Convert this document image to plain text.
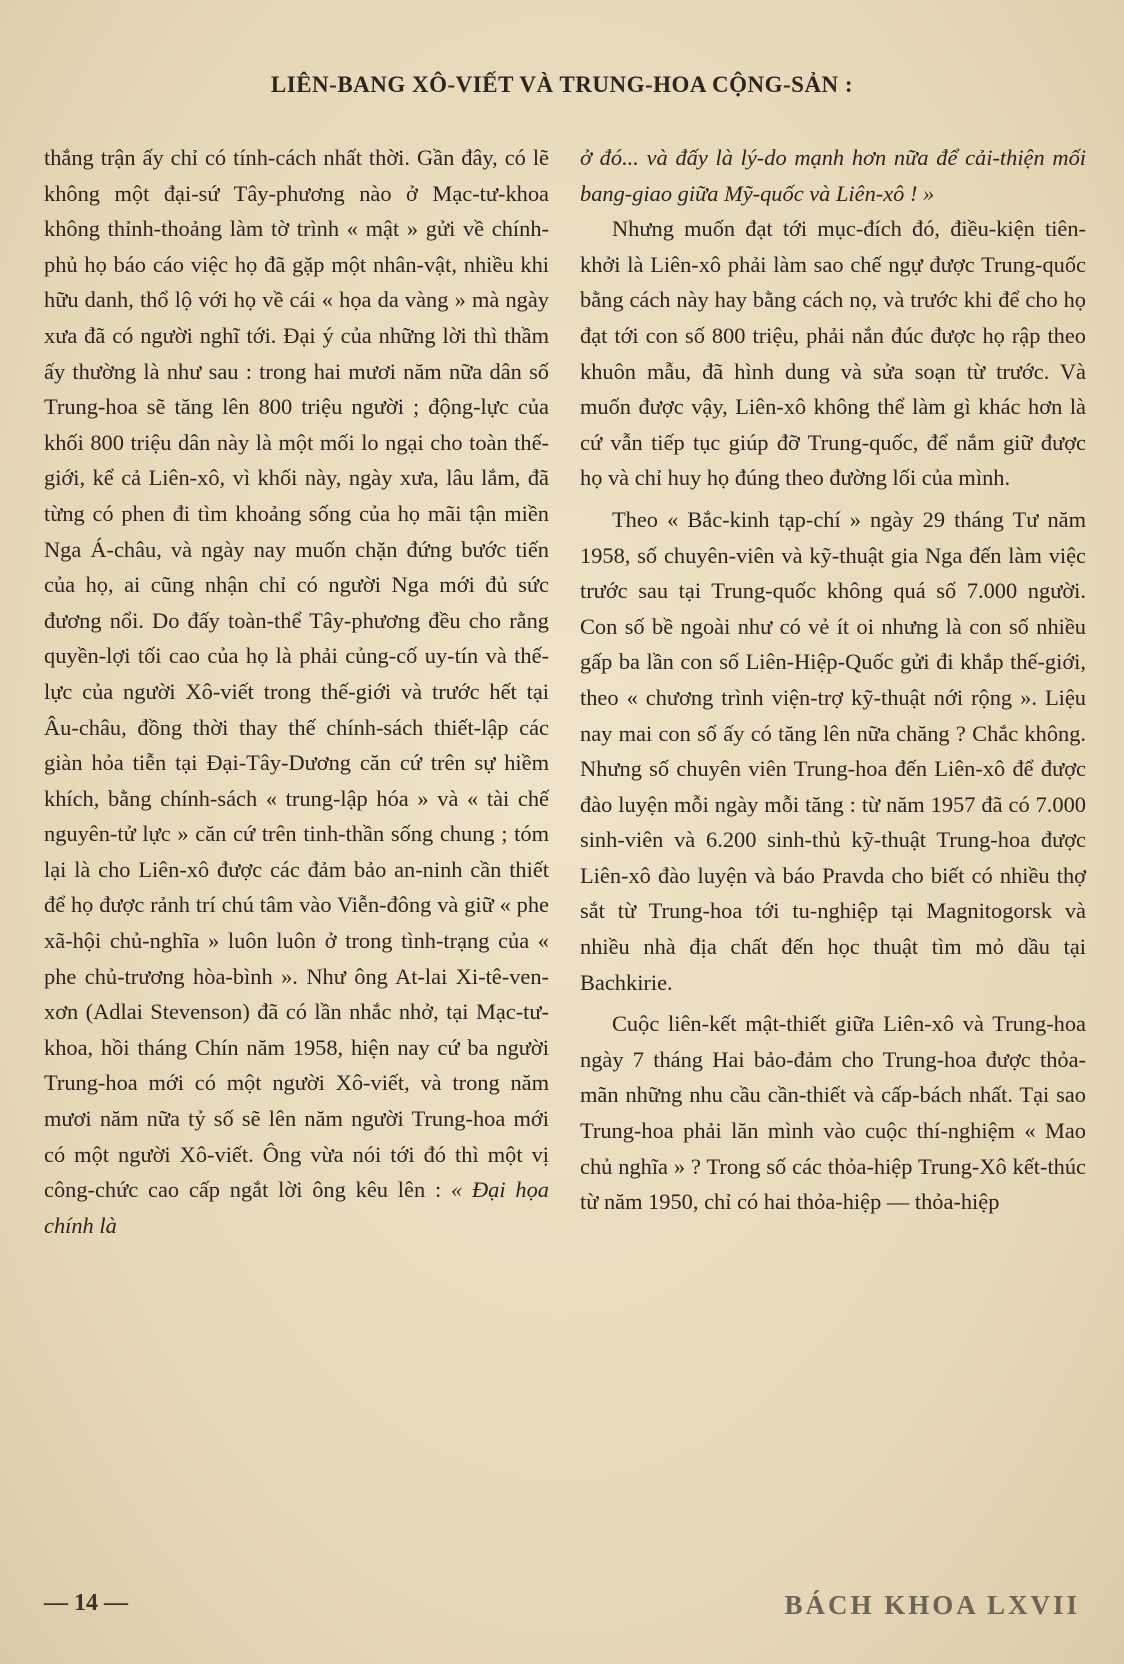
LIÊN-BANG XÔ-VIẾT VÀ TRUNG-HOA CỘNG-SẢN :

thắng trận ấy chỉ có tính-cách nhất thời. Gần đây, có lẽ không một đại-sứ Tây-phương nào ở Mạc-tư-khoa không thỉnh-thoảng làm tờ trình « mật » gửi về chính-phủ họ báo cáo việc họ đã gặp một nhân-vật, nhiều khi hữu danh, thổ lộ với họ về cái « họa da vàng » mà ngày xưa đã có người nghĩ tới. Đại ý của những lời thì thầm ấy thường là như sau : trong hai mươi năm nữa dân số Trung-hoa sẽ tăng lên 800 triệu người ; động-lực của khối 800 triệu dân này là một mối lo ngại cho toàn thế-giới, kể cả Liên-xô, vì khối này, ngày xưa, lâu lắm, đã từng có phen đi tìm khoảng sống của họ mãi tận miền Nga Á-châu, và ngày nay muốn chặn đứng bước tiến của họ, ai cũng nhận chỉ có người Nga mới đủ sức đương nổi. Do đấy toàn-thể Tây-phương đều cho rằng quyền-lợi tối cao của họ là phải củng-cố uy-tín và thế-lực của người Xô-viết trong thế-giới và trước hết tại Âu-châu, đồng thời thay thế chính-sách thiết-lập các giàn hỏa tiễn tại Đại-Tây-Dương căn cứ trên sự hiềm khích, bằng chính-sách « trung-lập hóa » và « tài chế nguyên-tử lực » căn cứ trên tinh-thần sống chung ; tóm lại là cho Liên-xô được các đảm bảo an-ninh cần thiết để họ được rảnh trí chú tâm vào Viễn-đông và giữ « phe xã-hội chủ-nghĩa » luôn luôn ở trong tình-trạng của « phe chủ-trương hòa-bình ». Như ông At-lai Xi-tê-ven-xơn (Adlai Stevenson) đã có lần nhắc nhở, tại Mạc-tư-khoa, hồi tháng Chín năm 1958, hiện nay cứ ba người Trung-hoa mới có một người Xô-viết, và trong năm mươi năm nữa tỷ số sẽ lên năm người Trung-hoa mới có một người Xô-viết. Ông vừa nói tới đó thì một vị công-chức cao cấp ngắt lời ông kêu lên : « Đại họa chính là

ở đó... và đấy là lý-do mạnh hơn nữa để cải-thiện mối bang-giao giữa Mỹ-quốc và Liên-xô ! »

Nhưng muốn đạt tới mục-đích đó, điều-kiện tiên-khởi là Liên-xô phải làm sao chế ngự được Trung-quốc bằng cách này hay bằng cách nọ, và trước khi để cho họ đạt tới con số 800 triệu, phải nắn đúc được họ rập theo khuôn mẫu, đã hình dung và sửa soạn từ trước. Và muốn được vậy, Liên-xô không thể làm gì khác hơn là cứ vẫn tiếp tục giúp đỡ Trung-quốc, để nắm giữ được họ và chỉ huy họ đúng theo đường lối của mình.

Theo « Bắc-kinh tạp-chí » ngày 29 tháng Tư năm 1958, số chuyên-viên và kỹ-thuật gia Nga đến làm việc trước sau tại Trung-quốc không quá số 7.000 người. Con số bề ngoài như có vẻ ít oi nhưng là con số nhiều gấp ba lần con số Liên-Hiệp-Quốc gửi đi khắp thế-giới, theo « chương trình viện-trợ kỹ-thuật nới rộng ». Liệu nay mai con số ấy có tăng lên nữa chăng ? Chắc không. Nhưng số chuyên viên Trung-hoa đến Liên-xô để được đào luyện mỗi ngày mỗi tăng : từ năm 1957 đã có 7.000 sinh-viên và 6.200 sinh-thủ kỹ-thuật Trung-hoa được Liên-xô đào luyện và báo Pravda cho biết có nhiều thợ sắt từ Trung-hoa tới tu-nghiệp tại Magnitogorsk và nhiều nhà địa chất đến học thuật tìm mỏ dầu tại Bachkirie.

Cuộc liên-kết mật-thiết giữa Liên-xô và Trung-hoa ngày 7 tháng Hai bảo-đảm cho Trung-hoa được thỏa-mãn những nhu cầu cần-thiết và cấp-bách nhất. Tại sao Trung-hoa phải lăn mình vào cuộc thí-nghiệm « Mao chủ nghĩa » ? Trong số các thỏa-hiệp Trung-Xô kết-thúc từ năm 1950, chỉ có hai thỏa-hiệp — thỏa-hiệp

— 14 —	BÁCH KHOA LXVII
